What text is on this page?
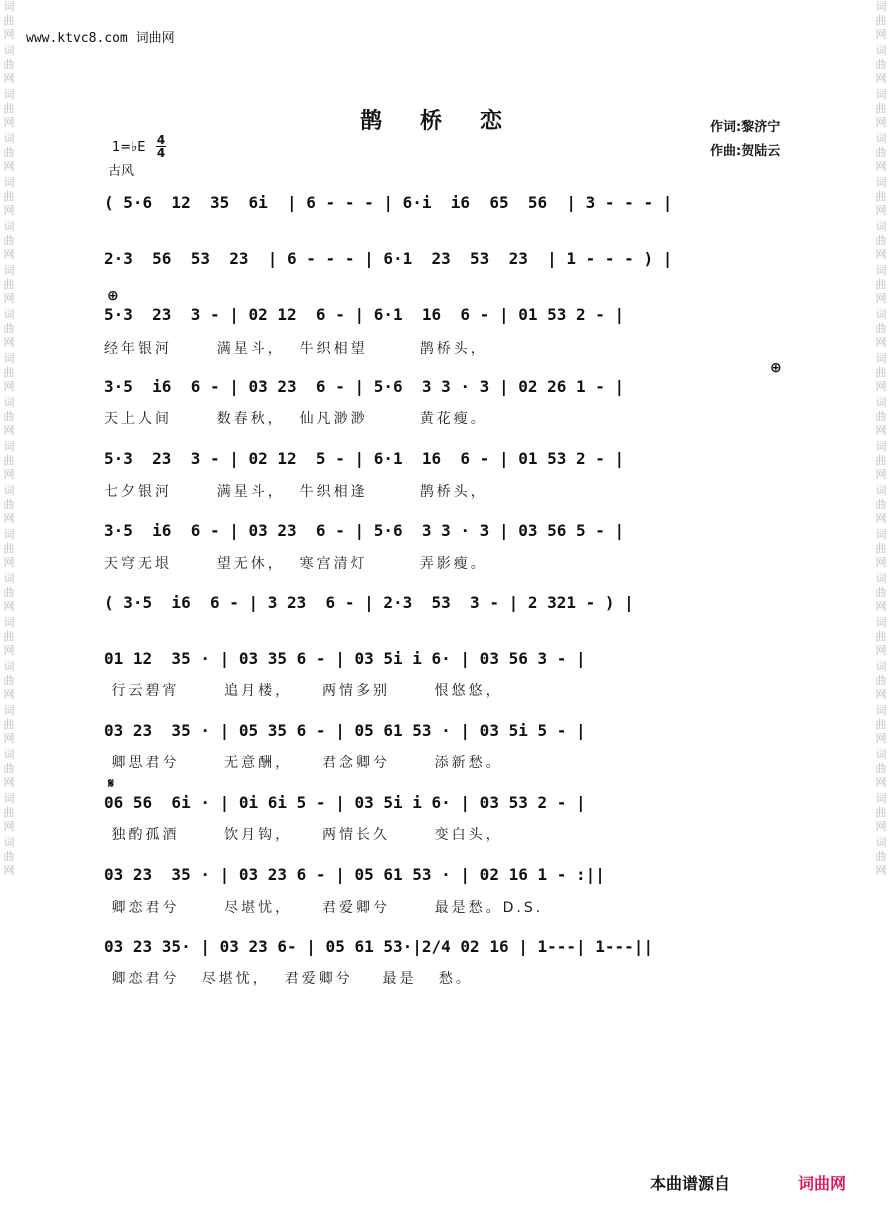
词曲网
词曲网
词曲网
词曲网
词曲网
词曲网
词曲网
词曲网
词曲网
词曲网
词曲网
词曲网
词曲网
词曲网
词曲网
词曲网
词曲网
词曲网
词曲网
词曲网
词曲网
词曲网
词曲网
词曲网
词曲网
词曲网
词曲网
词曲网
词曲网
词曲网
词曲网
词曲网
词曲网
词曲网
词曲网
词曲网
词曲网
词曲网
词曲网
词曲网
www.ktvc8.com 词曲网
鹊桥恋	作词:黎济宁
作曲:贺陆云
1=♭E 4
4
古风
⊕
⊕
𝄋
( 5·6  12  35  6i  | 6 - - - | 6·i  i6  65  56  | 3 - - - |
2·3  56  53  23  | 6 - - - | 6·1  23  53  23  | 1 - - - ) |
5·3  23  3 - | 02 12  6 - | 6·1  16  6 - | 01 53 2 - |
经年银河      满星斗，  牛织相望       鹊桥头，
3·5  i6  6 - | 03 23  6 - | 5·6  3 3 · 3 | 02 26 1 - |
天上人间      数春秋，  仙凡渺渺       黄花瘦。
5·3  23  3 - | 02 12  5 - | 6·1  16  6 - | 01 53 2 - |
七夕银河      满星斗，  牛织相逢       鹊桥头，
3·5  i6  6 - | 03 23  6 - | 5·6  3 3 · 3 | 03 56 5 - |
天穹无垠      望无休，  寒宫清灯       弄影瘦。
( 3·5  i6  6 - | 3 23  6 - | 2·3  53  3 - | 2 321 - ) |
01 12  35 · | 03 35 6 - | 03 5i i 6· | 03 56 3 - |
行云碧宵      追月楼，    两情多别      恨悠悠，
03 23  35 · | 05 35 6 - | 05 61 53 · | 03 5i 5 - |
卿思君兮      无意酬，    君念卿兮      添新愁。
06 56  6i · | 0i 6i 5 - | 03 5i i 6· | 03 53 2 - |
独酌孤酒      饮月钩，    两情长久      变白头，
03 23  35 · | 03 23 6 - | 05 61 53 · | 02 16 1 - :||
卿恋君兮      尽堪忧，    君爱卿兮      最是愁。D.S.
03 23 35· | 03 23 6- | 05 61 53·|2/4 02 16 | 1---| 1---||
卿恋君兮   尽堪忧，  君爱卿兮    最是   愁。
本曲谱源自	词曲网
